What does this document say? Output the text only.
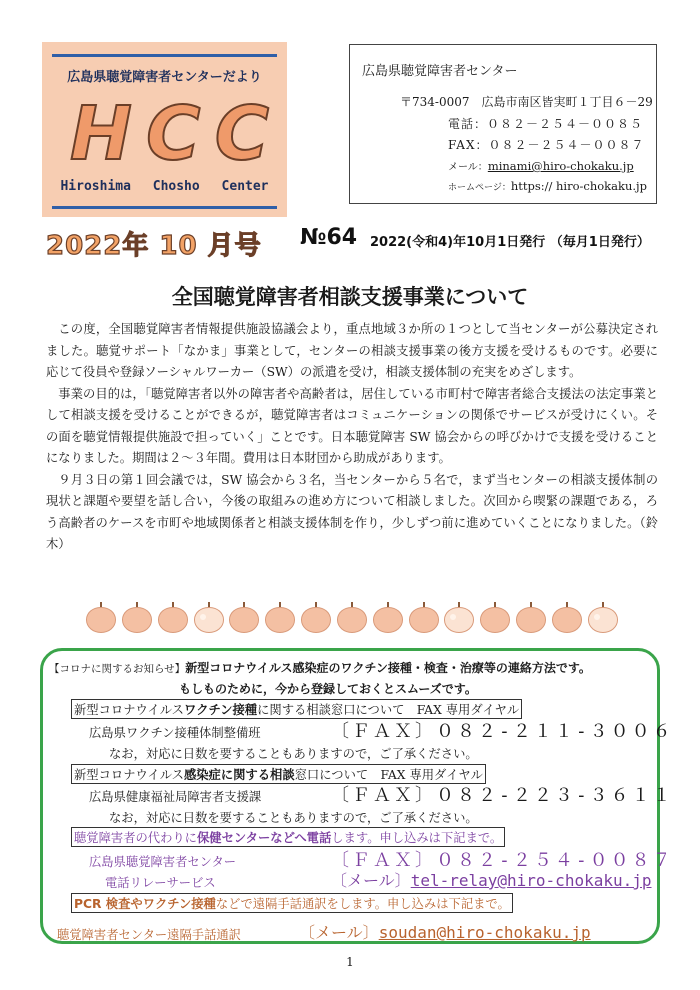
広島県聴覚障害者センターだより
H C C
Hiroshima Chosho Center
広島県聴覚障害者センター
〒734-0007　広島市南区皆実町１丁目６－29
電話：０８２－２５４－００８５
FAX：０８２－２５４－００８７
メール：minami@hiro-chokaku.jp
ホームページ：https:// hiro-chokaku.jp
2022年 10 月号 №64 2022(令和4)年10月1日発行 （毎月1日発行）
全国聴覚障害者相談支援事業について

この度，全国聴覚障害者情報提供施設協議会より，重点地域３か所の１つとして当センターが公募決定されました。聴覚サポート「なかま」事業として，センターの相談支援事業の後方支援を受けるものです。必要に応じて役員や登録ソーシャルワーカー（SW）の派遣を受け，相談支援体制の充実をめざします。

事業の目的は，「聴覚障害者以外の障害者や高齢者は，居住している市町村で障害者総合支援法の法定事業として相談支援を受けることができるが，聴覚障害者はコミュニケーションの関係でサービスが受けにくい。その面を聴覚情報提供施設で担っていく」ことです。日本聴覚障害 SW 協会からの呼びかけで支援を受けることになりました。期間は２～３年間。費用は日本財団から助成があります。

９月３日の第１回会議では，SW 協会から３名，当センターから５名で，まず当センターの相談支援体制の現状と課題や要望を話し合い，今後の取組みの進め方について相談しました。次回から喫緊の課題である，ろう高齢者のケースを市町や地域関係者と相談支援体制を作り，少しずつ前に進めていくことになりました。（鈴木）

【コロナに関するお知らせ】新型コロナウイルス感染症のワクチン接種・検査・治療等の連絡方法です。
もしものために，今から登録しておくとスムーズです。
新型コロナウイルスワクチン接種に関する相談窓口について　FAX 専用ダイヤル
広島県ワクチン接種体制整備班	〔ＦＡＸ〕０８２-２１１-３００６
なお，対応に日数を要することもありますので，ご了承ください。
新型コロナウイルス感染症に関する相談窓口について　FAX 専用ダイヤル
広島県健康福祉局障害者支援課	〔ＦＡＸ〕０８２-２２３-３６１１
なお，対応に日数を要することもありますので，ご了承ください。
聴覚障害者の代わりに保健センターなどへ電話します。申し込みは下記まで。
広島県聴覚障害者センター	〔ＦＡＸ〕０８２-２５４-００８７
電話リレーサービス	〔メール〕tel-relay@hiro-chokaku.jp
PCR 検査やワクチン接種などで遠隔手話通訳をします。申し込みは下記まで。
聴覚障害者センター遠隔手話通訳	〔メール〕soudan@hiro-chokaku.jp
1
